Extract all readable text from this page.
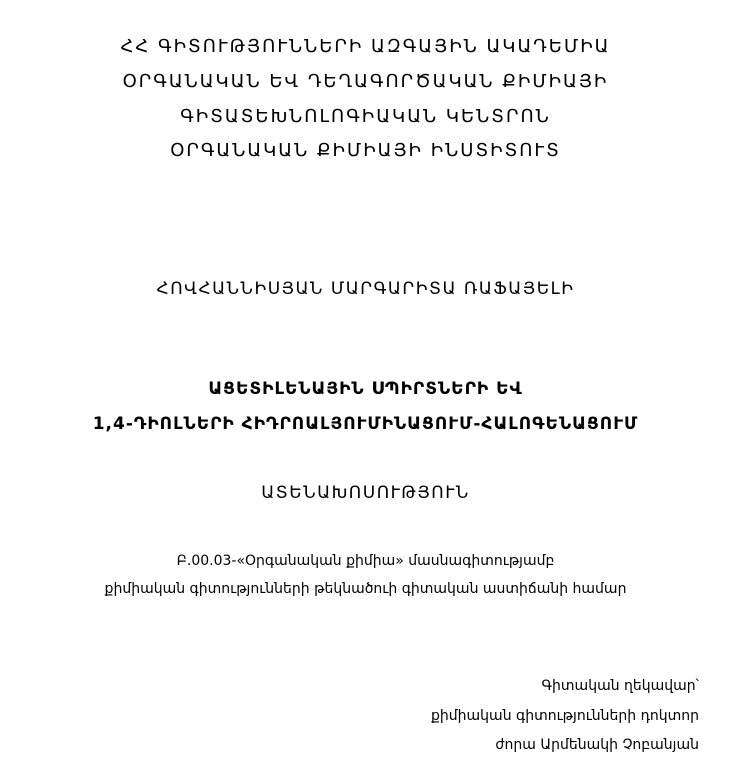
ՀՀ ԳԻՏՈՒԹՅՈՒՆՆԵՐԻ ԱԶԳԱՅԻՆ ԱԿԱԴԵՄԻԱ
ՕՐԳԱՆԱԿԱՆ ԵՎ ԴԵՂԱԳՈՐԾԱԿԱՆ ՔԻՄԻԱՅԻ
ԳԻՏԱՏԵԽՆՈԼՈԳԻԱԿԱՆ ԿԵՆՏՐՈՆ
ՕՐԳԱՆԱԿԱՆ ՔԻՄԻԱՅԻ ԻՆՍՏԻՏՈՒՏ
ՀՈՎՀԱՆՆԻՍՅԱՆ ՄԱՐԳԱՐԻՏԱ ՌԱՖԱՅԵԼԻ
ԱՑԵՏԻԼԵՆԱՅԻՆ ՍՊԻՐՏՆԵՐԻ ԵՎ
1,4-ԴԻՈԼՆԵՐԻ ՀԻԴՐՈԱԼՅՈՒՄԻՆԱՑՈՒՄ-ՀԱԼՈԳԵՆԱՑՈՒՄ
ԱՏԵՆԱԽՈՍՈՒԹՅՈՒՆ
Բ.00.03-«Օրգանական քիմիա» մասնագիտությամբ
քիմիական գիտությունների թեկնածուի գիտական աստիճանի համար
Գիտական ղեկավար՝
քիմիական գիտությունների դոկտոր
ժորա Արմենակի Չոբանյան
